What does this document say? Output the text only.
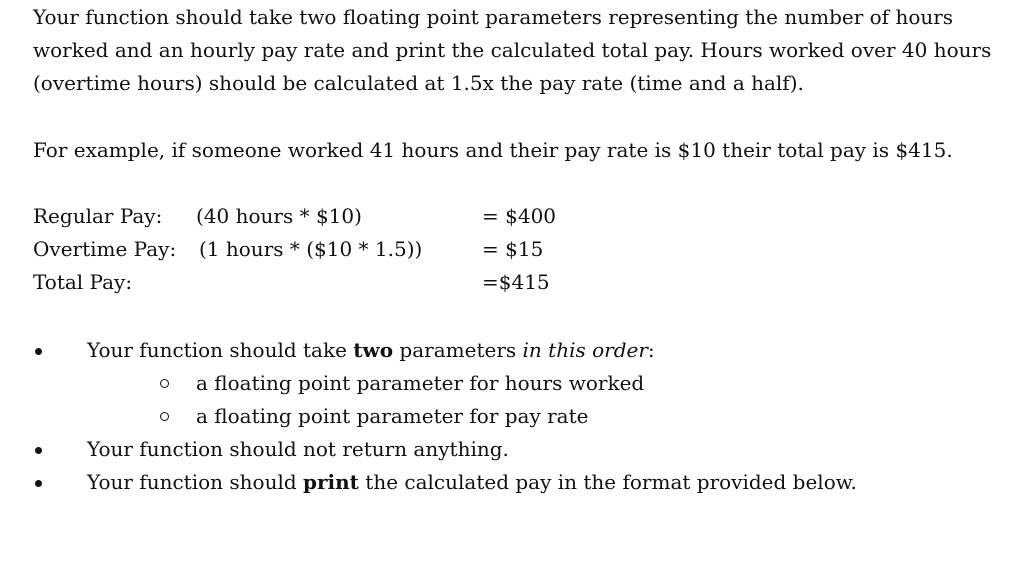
Your function should take two floating point parameters representing the number of hours
worked and an hourly pay rate and print the calculated total pay. Hours worked over 40 hours
(overtime hours) should be calculated at 1.5x the pay rate (time and a half).

For example, if someone worked 41 hours and their pay rate is $10 their total pay is $415.

Regular Pay: (40 hours * $10)	= $400
Overtime Pay: (1 hours * ($10 * 1.5))	= $15
Total Pay:	=$415
Your function should take two parameters in this order:
a floating point parameter for hours worked
a floating point parameter for pay rate
Your function should not return anything.
Your function should print the calculated pay in the format provided below.
